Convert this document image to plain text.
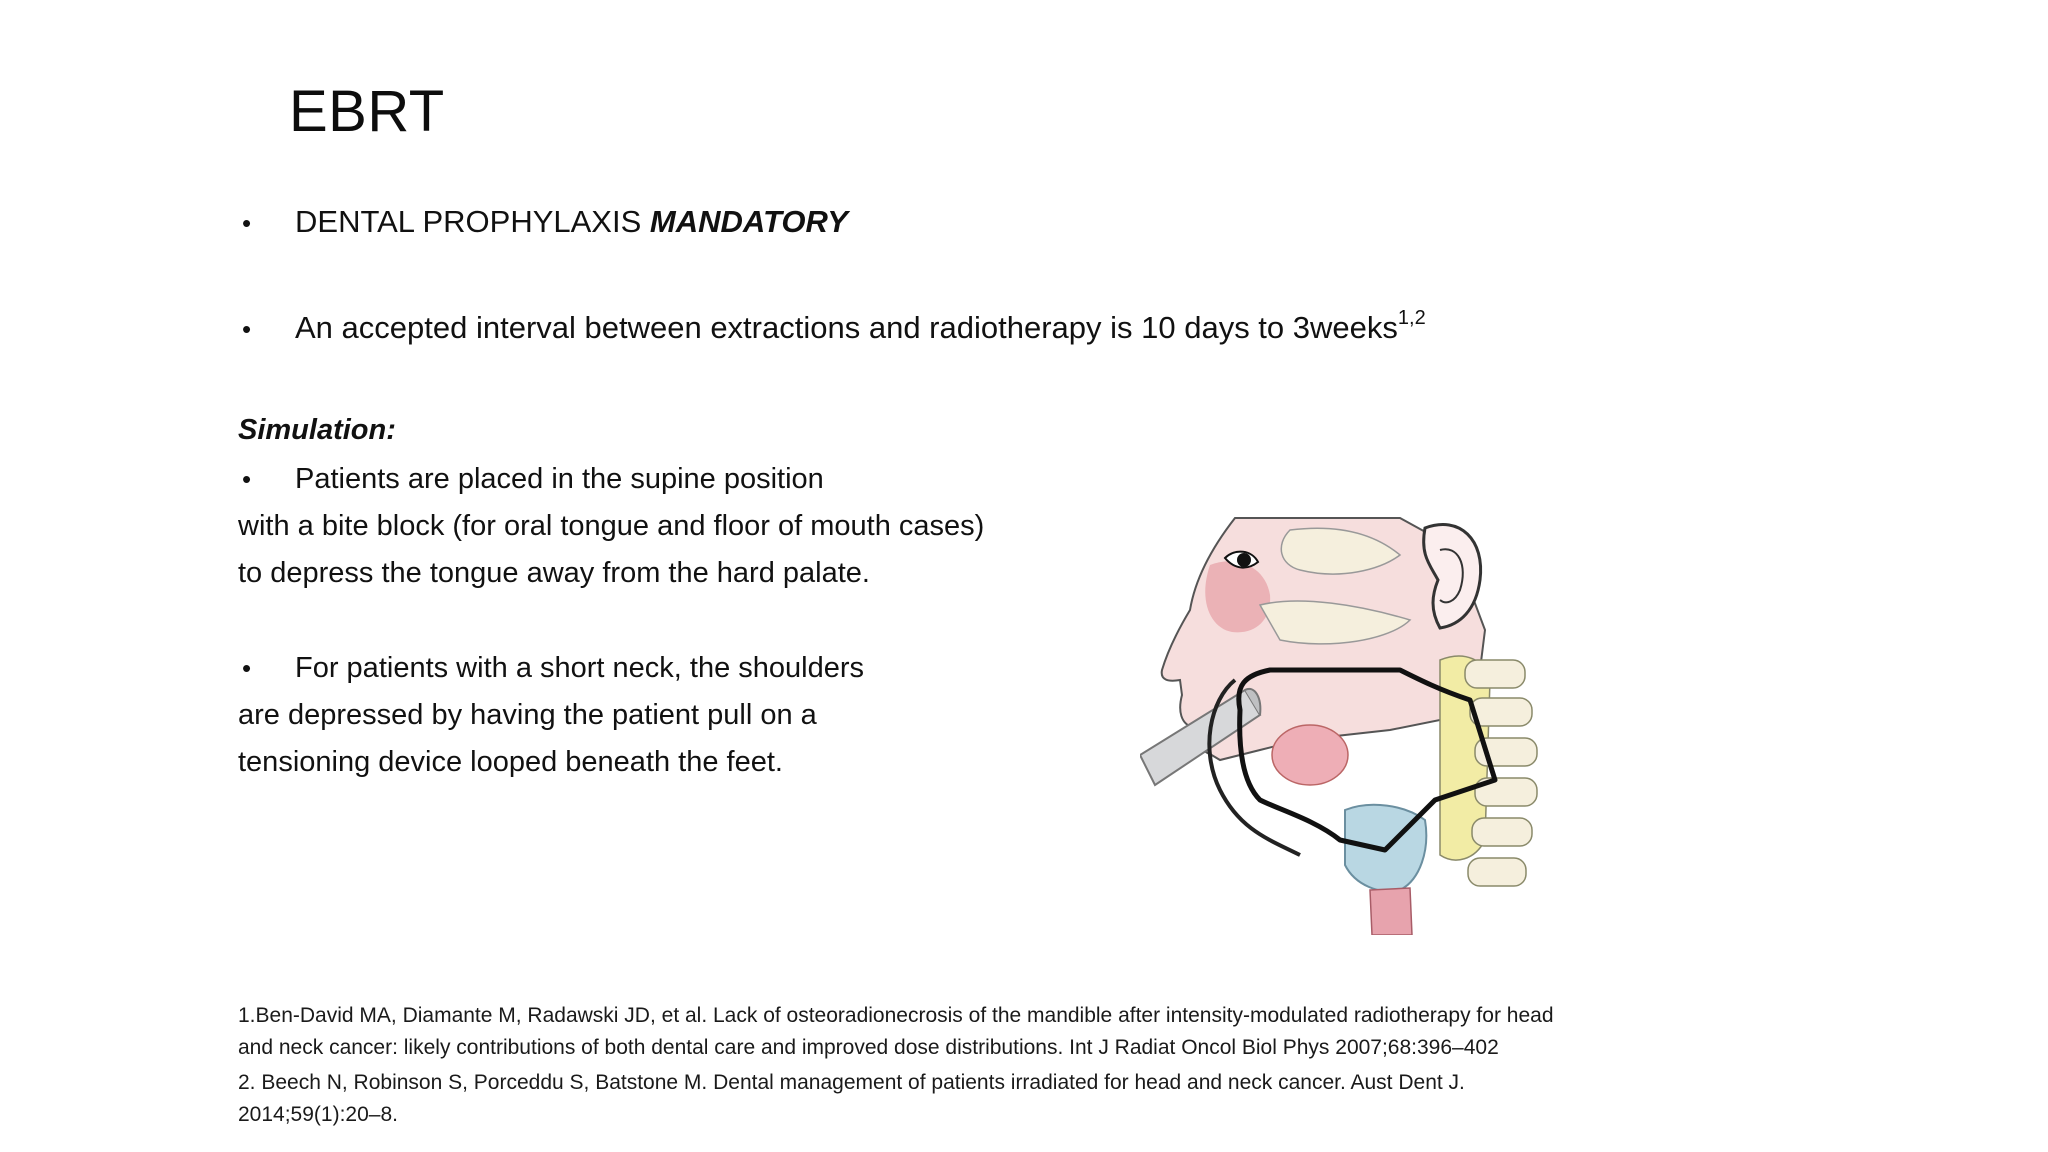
EBRT
• DENTAL PROPHYLAXIS MANDATORY
• An accepted interval between extractions and radiotherapy is 10 days to 3weeks$^{1,2}$
Simulation:
• Patients are placed in the supine position
with a bite block (for oral tongue and floor of mouth cases)
to depress the tongue away from the hard palate.
• For patients with a short neck, the shoulders
are depressed by having the patient pull on a
tensioning device looped beneath the feet.
1.Ben-David MA, Diamante M, Radawski JD, et al. Lack of osteoradionecrosis of the mandible after intensity-modulated radiotherapy for head
and neck cancer: likely contributions of both dental care and improved dose distributions. Int J Radiat Oncol Biol Phys 2007;68:396–402
2. Beech N, Robinson S, Porceddu S, Batstone M. Dental management of patients irradiated for head and neck cancer. Aust Dent J.
2014;59(1):20–8.
